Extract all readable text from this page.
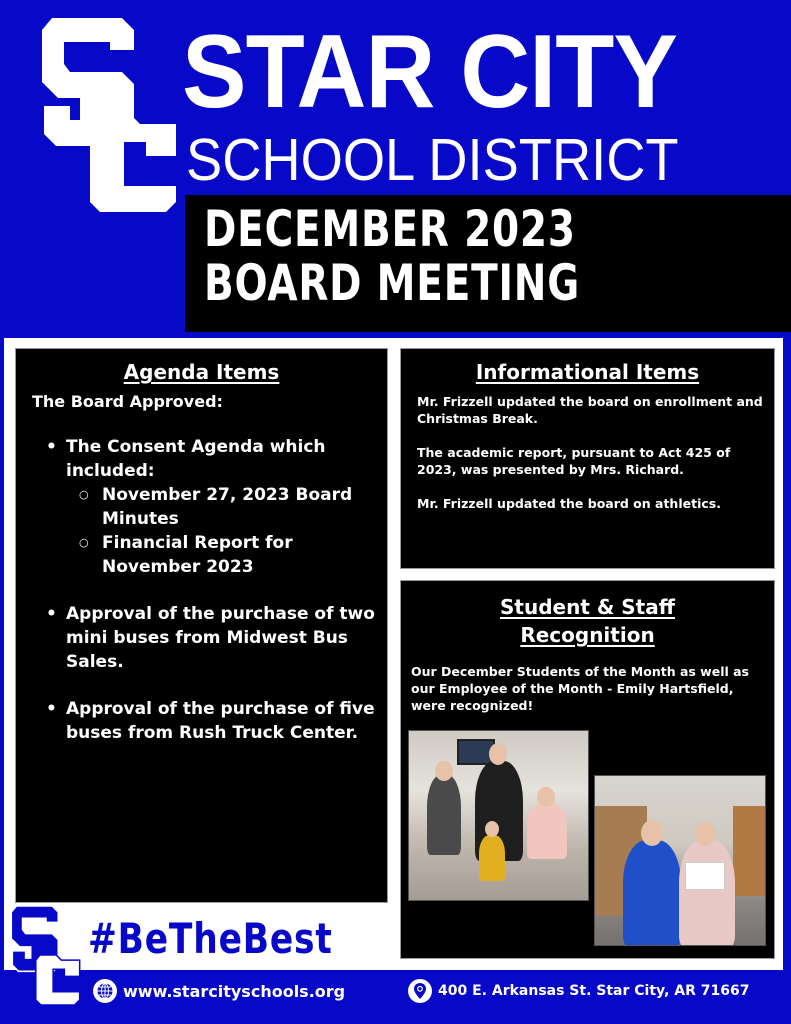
STAR CITY
SCHOOL DISTRICT
DECEMBER 2023
BOARD MEETING
Agenda Items
The Board Approved:
• The Consent Agenda which included:
○ November 27, 2023 Board Minutes
○ Financial Report for November 2023
• Approval of the purchase of two mini buses from Midwest Bus Sales.
• Approval of the purchase of five buses from Rush Truck Center.
Informational Items

Mr. Frizzell updated the board on enrollment and Christmas Break.

The academic report, pursuant to Act 425 of 2023, was presented by Mrs. Richard.

Mr. Frizzell updated the board on athletics.

Student & Staff
Recognition

Our December Students of the Month as well as our Employee of the Month - Emily Hartsfield, were recognized!

#BeTheBest
www.starcityschools.org	400 E. Arkansas St. Star City, AR 71667
